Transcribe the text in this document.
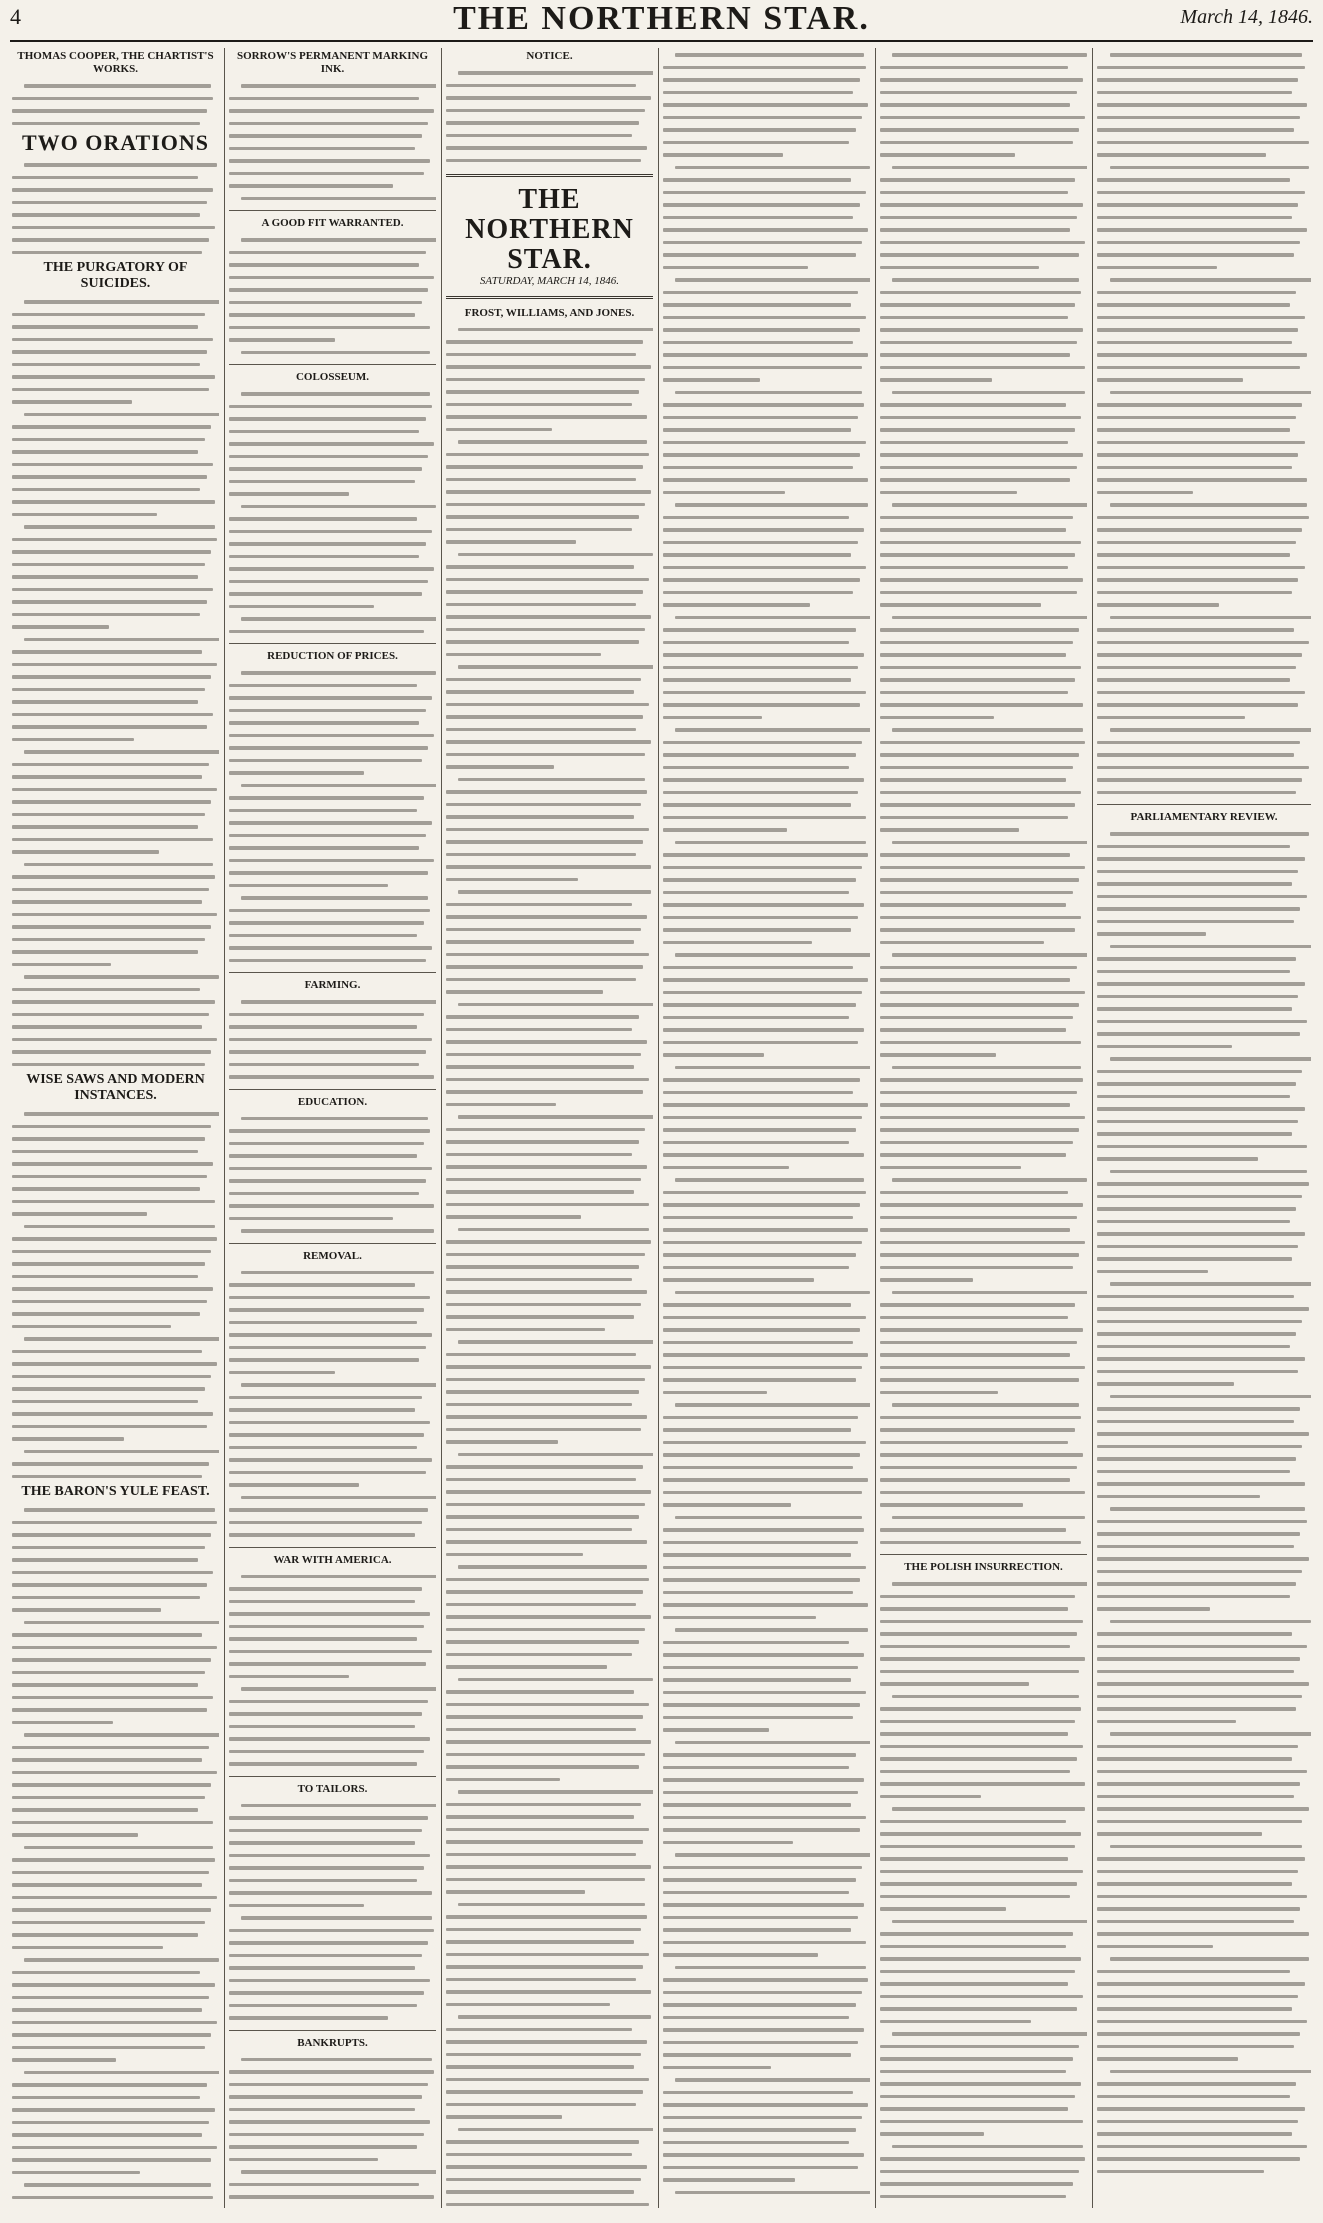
4	THE NORTHERN STAR.	March 14, 1846.
THOMAS COOPER, THE CHARTIST'S WORKS.
TWO ORATIONS
THE PURGATORY OF SUICIDES.
WISE SAWS AND MODERN INSTANCES.
THE BARON'S YULE FEAST.
SORROW'S PERMANENT MARKING INK.
A GOOD FIT WARRANTED.
COLOSSEUM.
REDUCTION OF PRICES.
FARMING.
EDUCATION.
REMOVAL.
WAR WITH AMERICA.
TO TAILORS.
BANKRUPTS.
NOTICE.
THE NORTHERN STAR.
SATURDAY, MARCH 14, 1846.
FROST, WILLIAMS, AND JONES.
THE POLISH INSURRECTION.
PARLIAMENTARY REVIEW.
